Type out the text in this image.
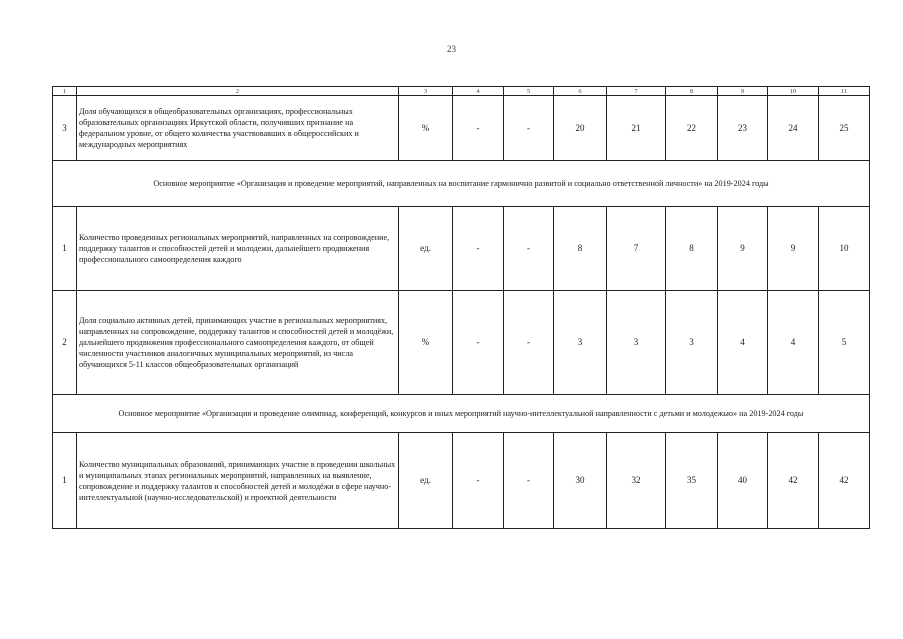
23
1	2	3	4	5	6	7	8	9	10	11
3	Доля обучающихся в общеобразовательных организациях, профессиональных образовательных организациях Иркутской области, получивших признание на федеральном уровне, от общего количества участвовавших в общероссийских и международных мероприятиях	%	-	-	20	21	22	23	24	25
Основное мероприятие «Организация и проведение мероприятий, направленных на воспитание гармонично развитой и социально ответственной личности» на 2019-2024 годы										
1	Количество проведенных региональных мероприятий, направленных на сопровождение, поддержку талантов и способностей детей и молодежи, дальнейшего продвижения профессионального самоопределения каждого	ед.	-	-	8	7	8	9	9	10
2	Доля социально активных детей, принимающих участие в региональных мероприятиях, направленных на сопровождение, поддержку талантов и способностей детей и молодёжи, дальнейшего продвижения профессионального самоопределения каждого, от общей численности участников аналогичных муниципальных мероприятий, из числа обучающихся 5-11 классов общеобразовательных организаций	%	-	-	3	3	3	4	4	5
Основное мероприятие «Организация и проведение олимпиад, конференций, конкурсов и иных мероприятий научно-интеллектуальной направленности с детьми и молодежью» на 2019-2024 годы										
1	Количество муниципальных образований, принимающих участие в проведении школьных и муниципальных этапах региональных мероприятий, направленных на выявление, сопровождение и поддержку талантов и способностей детей и молодёжи в сфере научно-интеллектуальной (научно-исследовательской) и проектной деятельности	ед.	-	-	30	32	35	40	42	42
